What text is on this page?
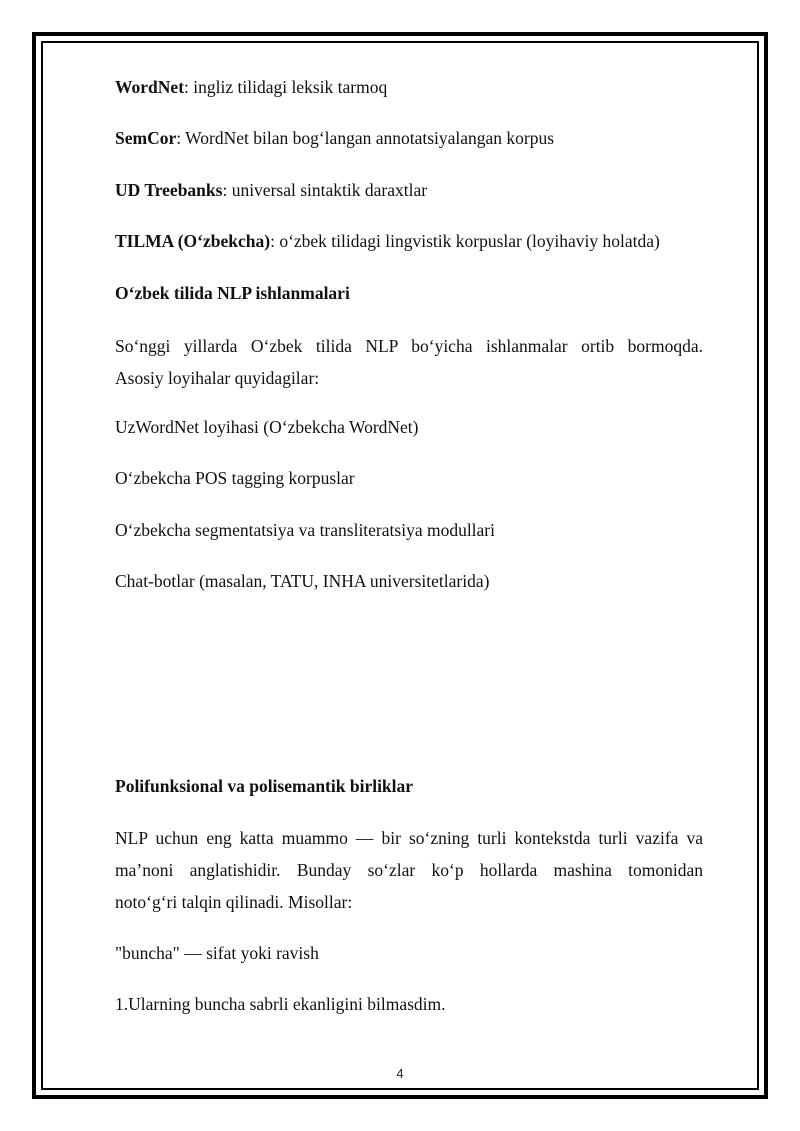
WordNet: ingliz tilidagi leksik tarmoq

SemCor: WordNet bilan bog‘langan annotatsiyalangan korpus

UD Treebanks: universal sintaktik daraxtlar

TILMA (O‘zbekcha): o‘zbek tilidagi lingvistik korpuslar (loyihaviy holatda)

O‘zbek tilida NLP ishlanmalari

So‘nggi yillarda O‘zbek tilida NLP bo‘yicha ishlanmalar ortib bormoqda.
Asosiy loyihalar quyidagilar:

UzWordNet loyihasi (O‘zbekcha WordNet)

O‘zbekcha POS tagging korpuslar

O‘zbekcha segmentatsiya va transliteratsiya modullari

Chat-botlar (masalan, TATU, INHA universitetlarida)

Polifunksional va polisemantik birliklar

NLP uchun eng katta muammo — bir so‘zning turli kontekstda turli vazifa va
ma’noni anglatishidir. Bunday so‘zlar ko‘p hollarda mashina tomonidan
noto‘g‘ri talqin qilinadi. Misollar:

"buncha" — sifat yoki ravish

1.Ularning buncha sabrli ekanligini bilmasdim.

4
